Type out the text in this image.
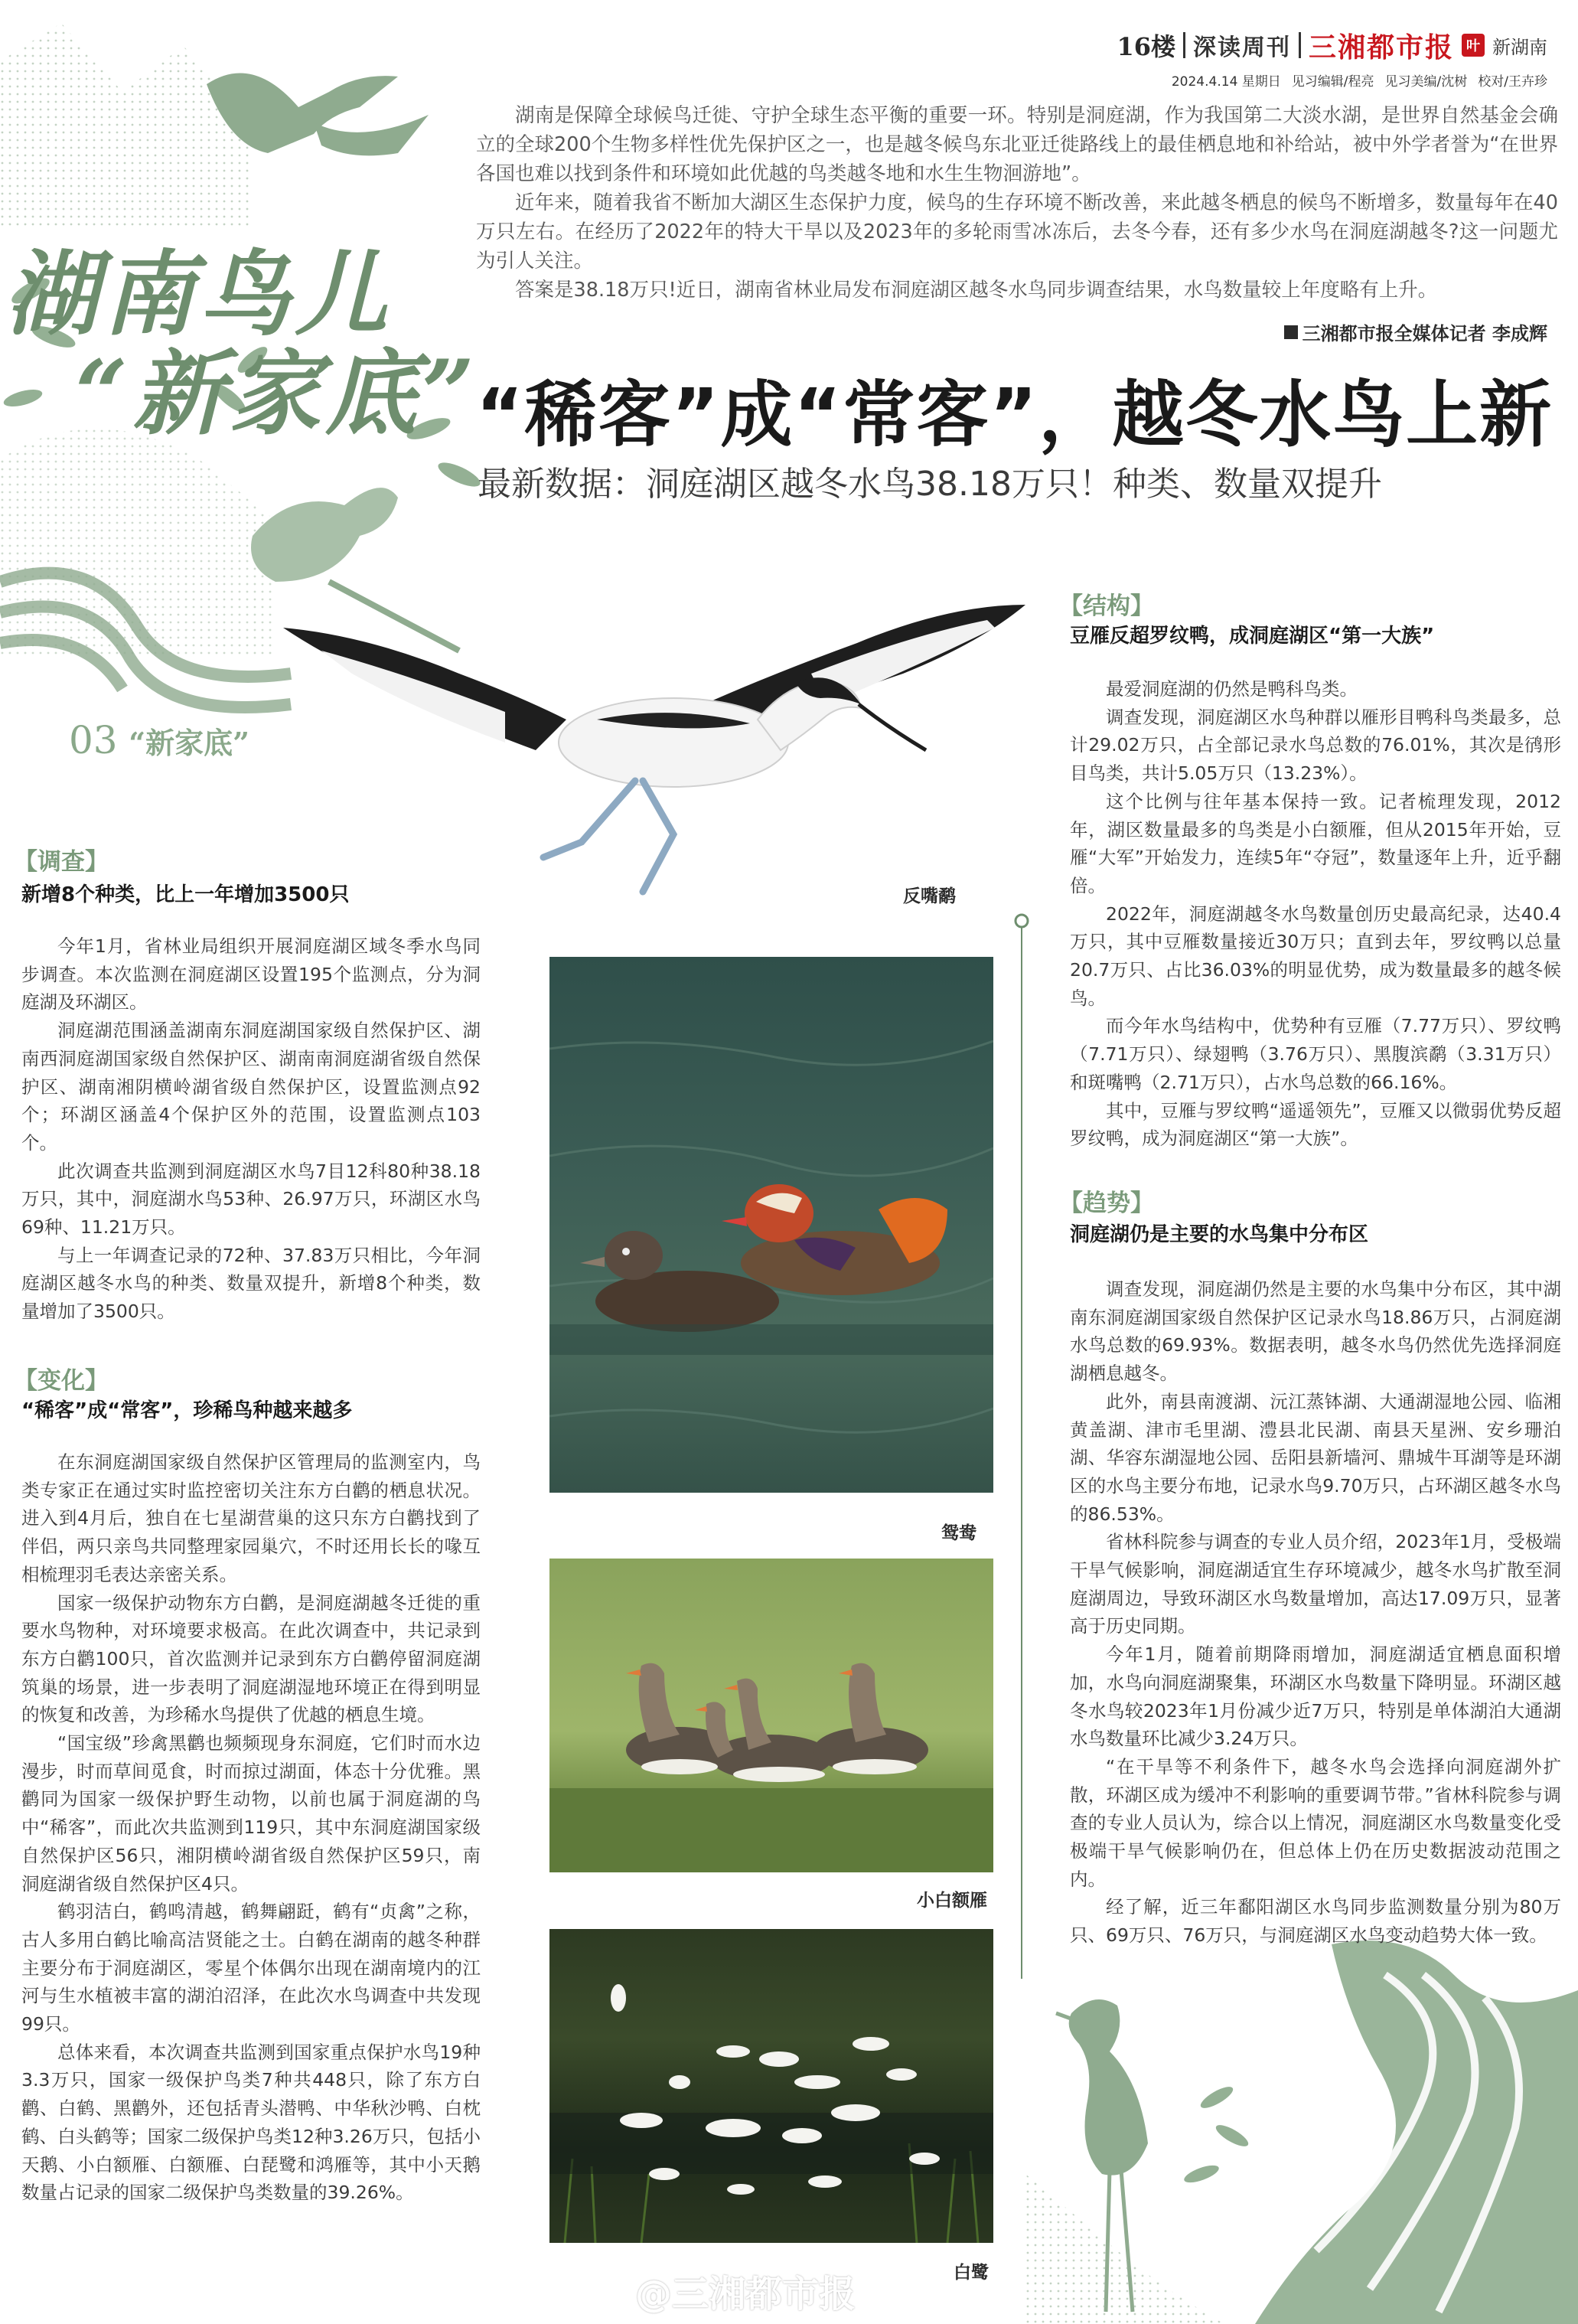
湖南鸟儿
“新家底”
03 “新家底”
16楼 深读周刊 三湘都市报 叶 新湖南
2024.4.14 星期日 见习编辑/程亮 见习美编/沈树 校对/王卉珍

湖南是保障全球候鸟迁徙、守护全球生态平衡的重要一环。特别是洞庭湖，作为我国第二大淡水湖，是世界自然基金会确立的全球200个生物多样性优先保护区之一，也是越冬候鸟东北亚迁徙路线上的最佳栖息地和补给站，被中外学者誉为“在世界各国也难以找到条件和环境如此优越的鸟类越冬地和水生生物洄游地”。

近年来，随着我省不断加大湖区生态保护力度，候鸟的生存环境不断改善，来此越冬栖息的候鸟不断增多，数量每年在40万只左右。在经历了2022年的特大干旱以及2023年的多轮雨雪冰冻后，去冬今春，还有多少水鸟在洞庭湖越冬?这一问题尤为引人关注。

答案是38.18万只!近日，湖南省林业局发布洞庭湖区越冬水鸟同步调查结果，水鸟数量较上年度略有上升。

三湘都市报全媒体记者 李成辉
“稀客”成“常客”，越冬水鸟上新
最新数据：洞庭湖区越冬水鸟38.18万只！种类、数量双提升
反嘴鹬
【调查】
新增8个种类，比上一年增加3500只

今年1月，省林业局组织开展洞庭湖区域冬季水鸟同步调查。本次监测在洞庭湖区设置195个监测点，分为洞庭湖及环湖区。

洞庭湖范围涵盖湖南东洞庭湖国家级自然保护区、湖南西洞庭湖国家级自然保护区、湖南南洞庭湖省级自然保护区、湖南湘阴横岭湖省级自然保护区，设置监测点92个；环湖区涵盖4个保护区外的范围，设置监测点103个。

此次调查共监测到洞庭湖区水鸟7目12科80种38.18万只，其中，洞庭湖水鸟53种、26.97万只，环湖区水鸟69种、11.21万只。

与上一年调查记录的72种、37.83万只相比，今年洞庭湖区越冬水鸟的种类、数量双提升，新增8个种类，数量增加了3500只。

【变化】
“稀客”成“常客”，珍稀鸟种越来越多

在东洞庭湖国家级自然保护区管理局的监测室内，鸟类专家正在通过实时监控密切关注东方白鹳的栖息状况。进入到4月后，独自在七星湖营巢的这只东方白鹳找到了伴侣，两只亲鸟共同整理家园巢穴，不时还用长长的喙互相梳理羽毛表达亲密关系。

国家一级保护动物东方白鹳，是洞庭湖越冬迁徙的重要水鸟物种，对环境要求极高。在此次调查中，共记录到东方白鹳100只，首次监测并记录到东方白鹳停留洞庭湖筑巢的场景，进一步表明了洞庭湖湿地环境正在得到明显的恢复和改善，为珍稀水鸟提供了优越的栖息生境。

“国宝级”珍禽黑鹳也频频现身东洞庭，它们时而水边漫步，时而草间觅食，时而掠过湖面，体态十分优雅。黑鹳同为国家一级保护野生动物，以前也属于洞庭湖的鸟中“稀客”，而此次共监测到119只，其中东洞庭湖国家级自然保护区56只，湘阴横岭湖省级自然保护区59只，南洞庭湖省级自然保护区4只。

鹤羽洁白，鹤鸣清越，鹤舞翩跹，鹤有“贞禽”之称，古人多用白鹤比喻高洁贤能之士。白鹤在湖南的越冬种群主要分布于洞庭湖区，零星个体偶尔出现在湖南境内的江河与生水植被丰富的湖泊沼泽，在此次水鸟调查中共发现99只。

总体来看，本次调查共监测到国家重点保护水鸟19种3.3万只，国家一级保护鸟类7种共448只，除了东方白鹳、白鹤、黑鹳外，还包括青头潜鸭、中华秋沙鸭、白枕鹤、白头鹤等；国家二级保护鸟类12种3.26万只，包括小天鹅、小白额雁、白额雁、白琵鹭和鸿雁等，其中小天鹅数量占记录的国家二级保护鸟类数量的39.26%。

鸳鸯
小白额雁
白鹭
【结构】
豆雁反超罗纹鸭，成洞庭湖区“第一大族”

最爱洞庭湖的仍然是鸭科鸟类。

调查发现，洞庭湖区水鸟种群以雁形目鸭科鸟类最多，总计29.02万只，占全部记录水鸟总数的76.01%，其次是鸻形目鸟类，共计5.05万只（13.23%）。

这个比例与往年基本保持一致。记者梳理发现，2012年，湖区数量最多的鸟类是小白额雁，但从2015年开始，豆雁“大军”开始发力，连续5年“夺冠”，数量逐年上升，近乎翻倍。

2022年，洞庭湖越冬水鸟数量创历史最高纪录，达40.4万只，其中豆雁数量接近30万只；直到去年，罗纹鸭以总量20.7万只、占比36.03%的明显优势，成为数量最多的越冬候鸟。

而今年水鸟结构中，优势种有豆雁（7.77万只）、罗纹鸭（7.71万只）、绿翅鸭（3.76万只）、黑腹滨鹬（3.31万只）和斑嘴鸭（2.71万只），占水鸟总数的66.16%。

其中，豆雁与罗纹鸭“遥遥领先”，豆雁又以微弱优势反超罗纹鸭，成为洞庭湖区“第一大族”。

【趋势】
洞庭湖仍是主要的水鸟集中分布区

调查发现，洞庭湖仍然是主要的水鸟集中分布区，其中湖南东洞庭湖国家级自然保护区记录水鸟18.86万只，占洞庭湖水鸟总数的69.93%。数据表明，越冬水鸟仍然优先选择洞庭湖栖息越冬。

此外，南县南渡湖、沅江蒸钵湖、大通湖湿地公园、临湘黄盖湖、津市毛里湖、澧县北民湖、南县天星洲、安乡珊泊湖、华容东湖湿地公园、岳阳县新墙河、鼎城牛耳湖等是环湖区的水鸟主要分布地，记录水鸟9.70万只，占环湖区越冬水鸟的86.53%。

省林科院参与调查的专业人员介绍，2023年1月，受极端干旱气候影响，洞庭湖适宜生存环境减少，越冬水鸟扩散至洞庭湖周边，导致环湖区水鸟数量增加，高达17.09万只，显著高于历史同期。

今年1月，随着前期降雨增加，洞庭湖适宜栖息面积增加，水鸟向洞庭湖聚集，环湖区水鸟数量下降明显。环湖区越冬水鸟较2023年1月份减少近7万只，特别是单体湖泊大通湖水鸟数量环比减少3.24万只。

“在干旱等不利条件下，越冬水鸟会选择向洞庭湖外扩散，环湖区成为缓冲不利影响的重要调节带。”省林科院参与调查的专业人员认为，综合以上情况，洞庭湖区水鸟数量变化受极端干旱气候影响仍在，但总体上仍在历史数据波动范围之内。

经了解，近三年鄱阳湖区水鸟同步监测数量分别为80万只、69万只、76万只，与洞庭湖区水鸟变动趋势大体一致。

@三湘都市报
